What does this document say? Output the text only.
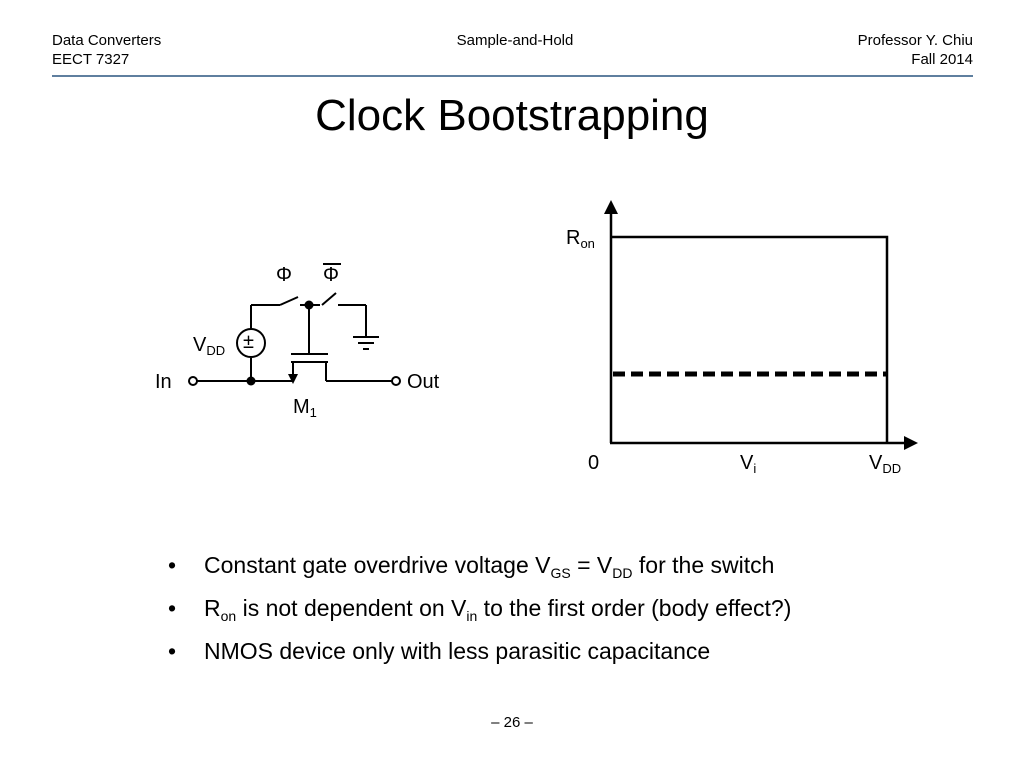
Data Converters
EECT 7327
Sample-and-Hold	Professor Y. Chiu
Fall 2014
Clock Bootstrapping
Φ Φ
$V_{DD}$ ±
In	Out
$M_1$
$R_{on}$
0	$V_i$	$V_{DD}$
• Constant gate overdrive voltage $V_{GS} = V_{DD}$ for the switch
• $R_{on}$ is not dependent on $V_{in}$ to the first order (body effect?)
• NMOS device only with less parasitic capacitance
– 26 –
